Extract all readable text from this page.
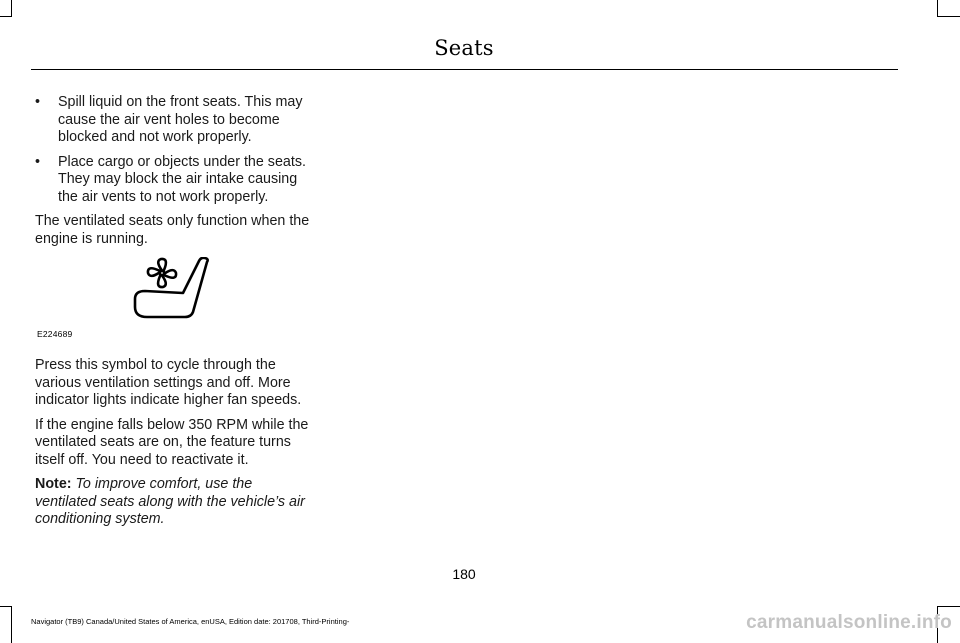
Seats
• Spill liquid on the front seats. This may cause the air vent holes to become blocked and not work properly.
• Place cargo or objects under the seats. They may block the air intake causing the air vents to not work properly.

The ventilated seats only function when the engine is running.

E224689

Press this symbol to cycle through the various ventilation settings and off. More indicator lights indicate higher fan speeds.

If the engine falls below 350 RPM while the ventilated seats are on, the feature turns itself off. You need to reactivate it.

Note: To improve comfort, use the ventilated seats along with the vehicle’s air conditioning system.

180
Navigator (TB9) Canada/United States of America, enUSA, Edition date: 201708, Third-Printing-	carmanualsonline.info
